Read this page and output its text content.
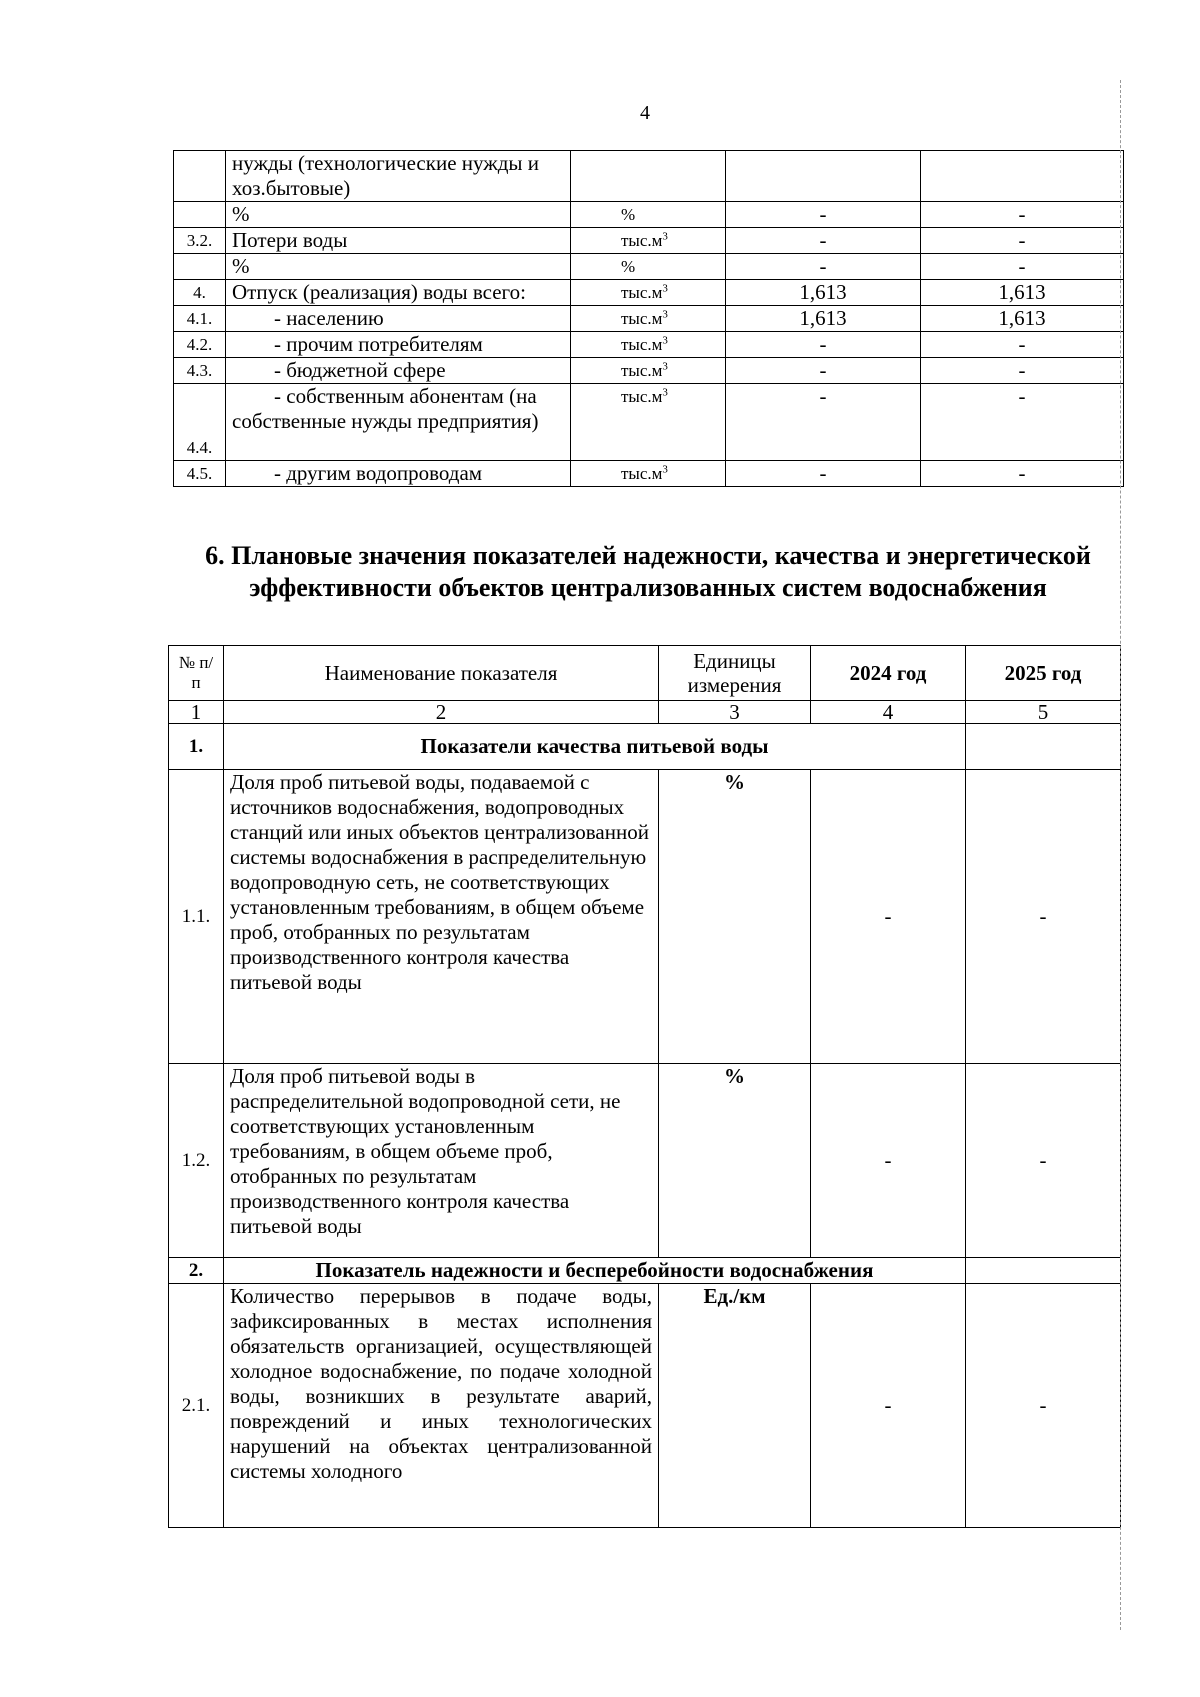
4
	нужды (технологические нужды и хоз.бытовые)			
	%	%	-	-
3.2.	Потери воды	$тыс.м^3$	-	-
	%	%	-	-
4.	Отпуск (реализация) воды всего:	$тыс.м^3$	1,613	1,613
4.1.	- населению	$тыс.м^3$	1,613	1,613
4.2.	- прочим потребителям	$тыс.м^3$	-	-
4.3.	- бюджетной сфере	$тыс.м^3$	-	-
4.4.	- собственным абонентам (на собственные нужды предприятия)	$тыс.м^3$	-	-
4.5.	- другим водопроводам	$тыс.м^3$	-	-
6. Плановые значения показателей надежности, качества и энергетической эффективности объектов централизованных систем водоснабжения
№ п/п	Наименование показателя	Единицы измерения	2024 год	2025 год
1	2	3	4	5
1.	Показатели качества питьевой воды			
1.1.	Доля проб питьевой воды, подаваемой с источников водоснабжения, водопроводных станций или иных объектов централизованной системы водоснабжения в распределительную водопроводную сеть, не соответствующих установленным требованиям, в общем объеме проб, отобранных по результатам производственного контроля качества питьевой воды	%	-	-
1.2.	Доля проб питьевой воды в распределительной водопроводной сети, не соответствующих установленным требованиям, в общем объеме проб, отобранных по результатам производственного контроля качества питьевой воды	%	-	-
2.	Показатель надежности и бесперебойности водоснабжения			
2.1.	Количество перерывов в подаче воды, зафиксированных в местах исполнения обязательств организацией, осуществляющей холодное водоснабжение, по подаче холодной воды, возникших в результате аварий, повреждений и иных технологических нарушений на объектах централизованной системы холодного	Ед./км	-	-
